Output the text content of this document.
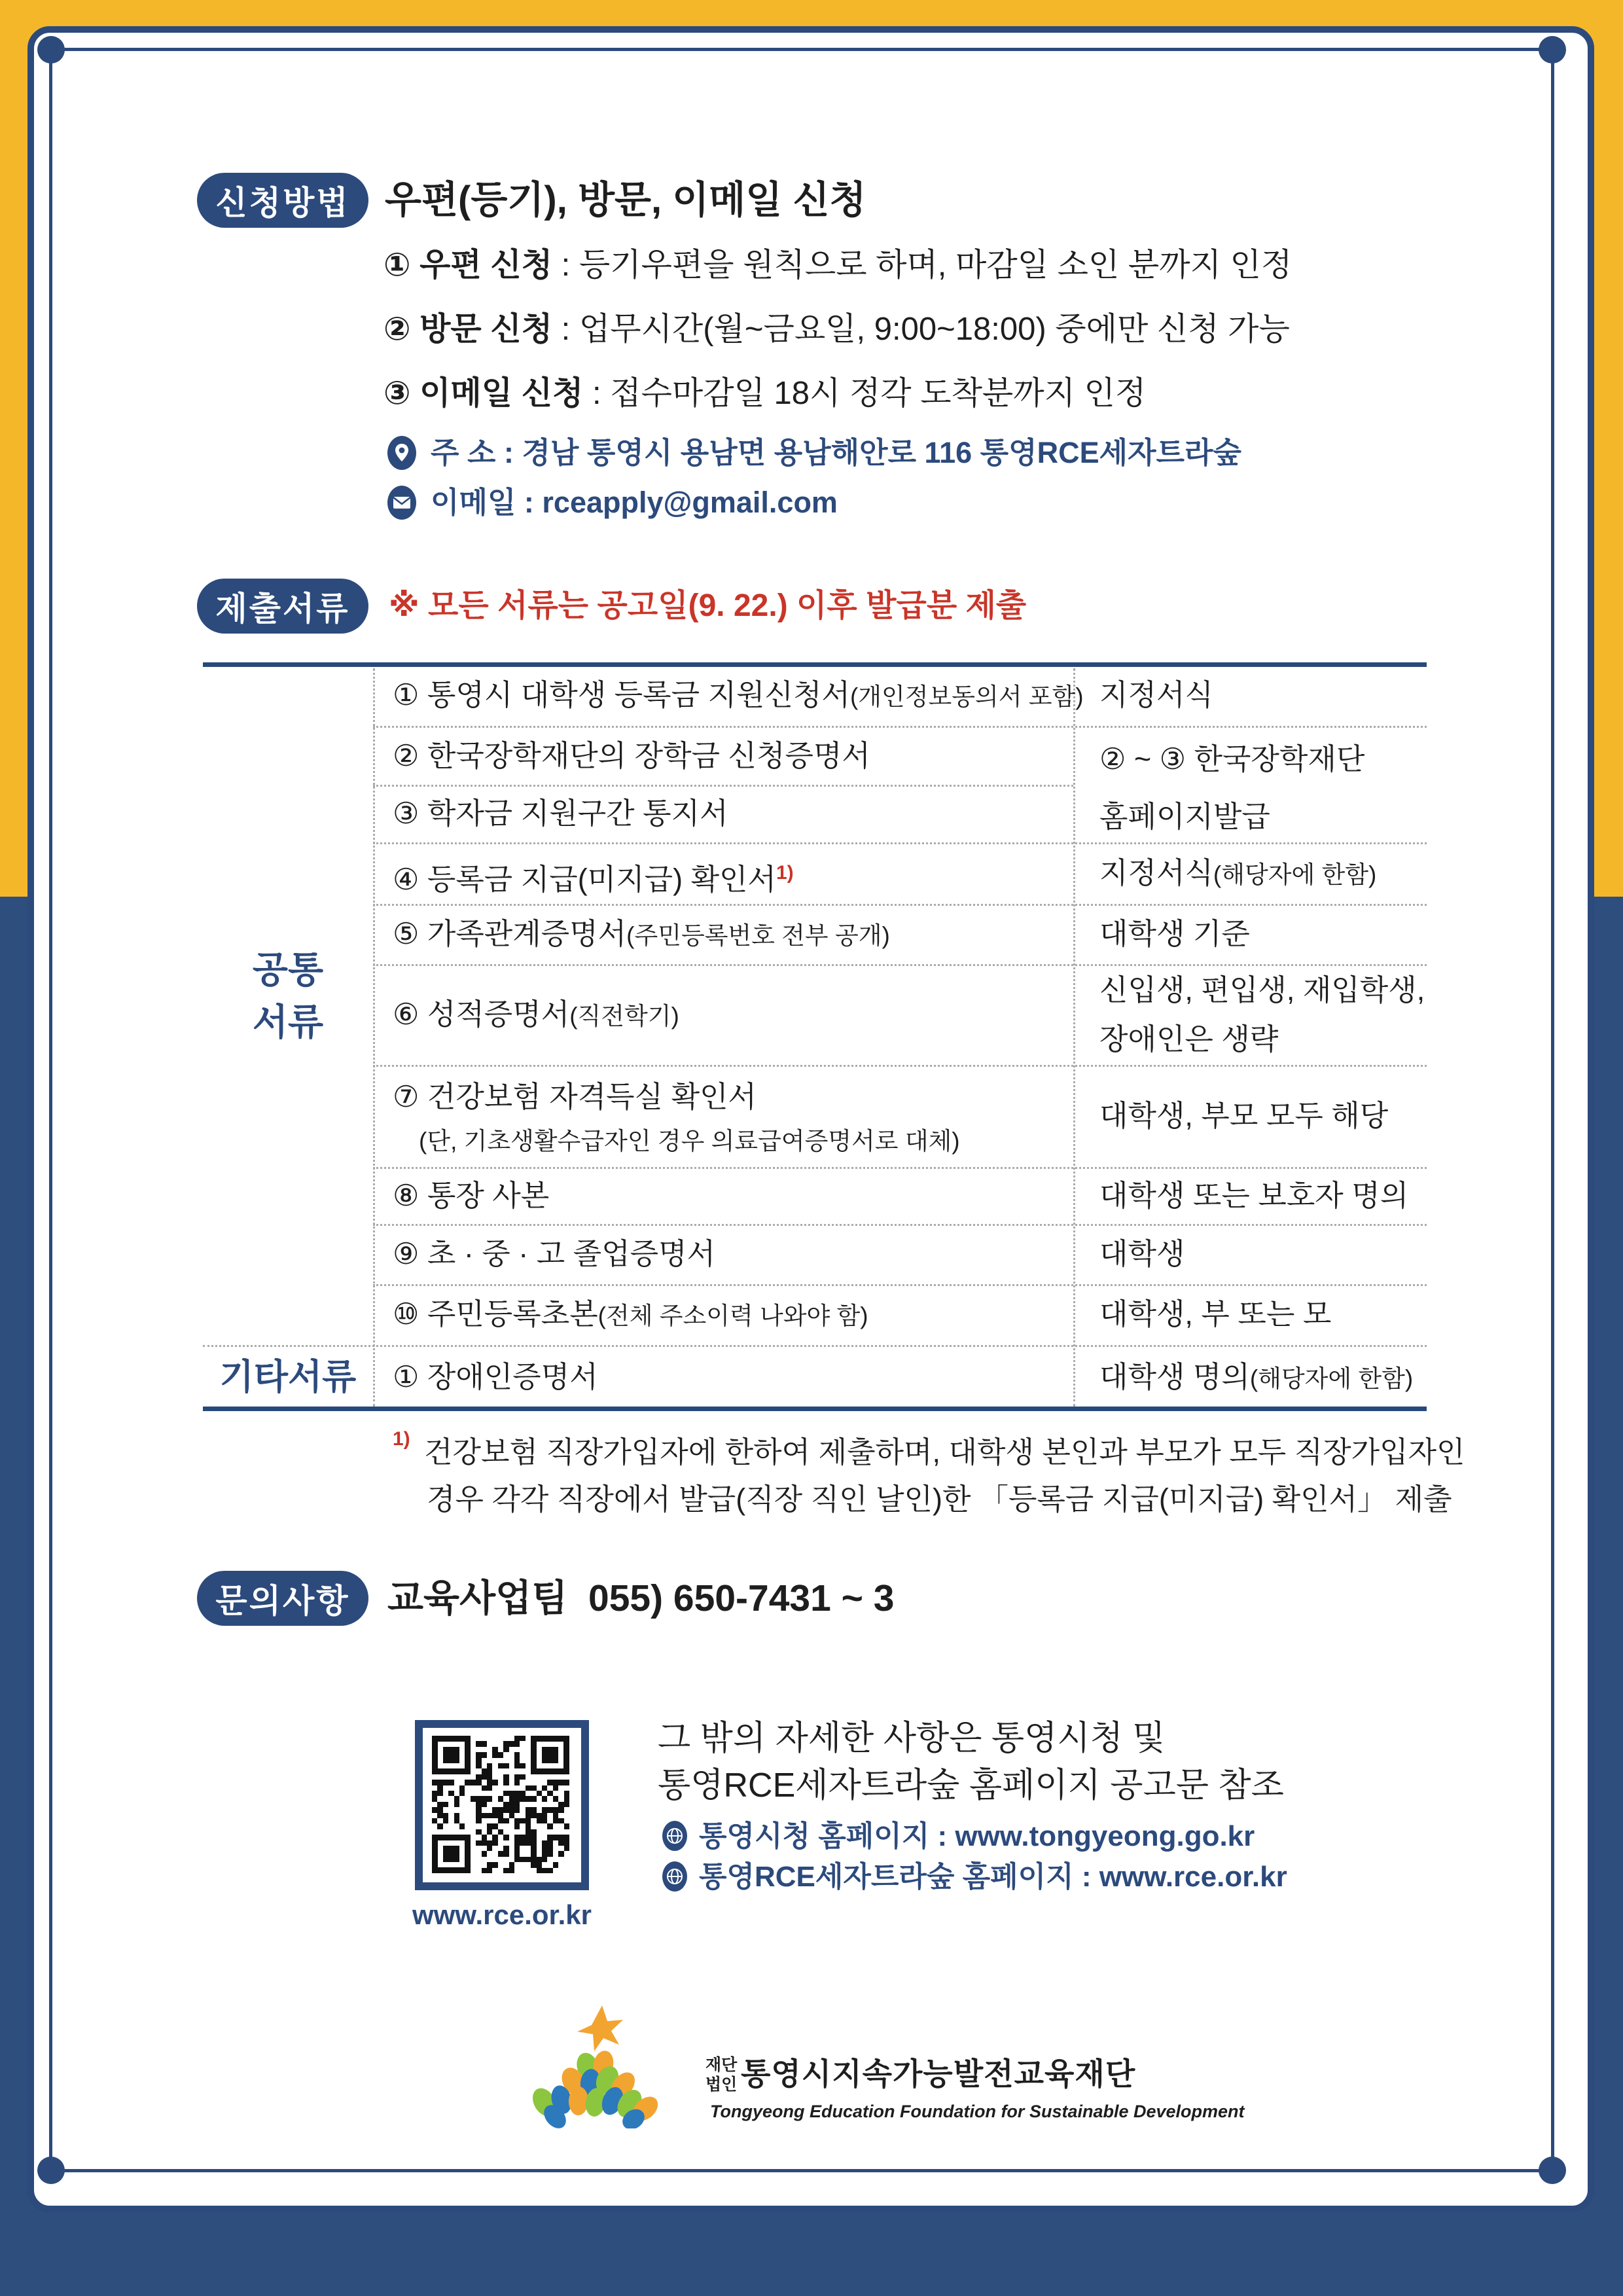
신청방법 우편(등기), 방문, 이메일 신청
① 우편 신청 : 등기우편을 원칙으로 하며, 마감일 소인 분까지 인정
② 방문 신청 : 업무시간(월~금요일, 9:00~18:00) 중에만 신청 가능
③ 이메일 신청 : 접수마감일 18시 정각 도착분까지 인정
주 소 : 경남 통영시 용남면 용남해안로 116 통영RCE세자트라숲
이메일 : rceapply@gmail.com
제출서류 ※ 모든 서류는 공고일(9. 22.) 이후 발급분 제출
공통
서류
기타서류
① 통영시 대학생 등록금 지원신청서(개인정보동의서 포함)
② 한국장학재단의 장학금 신청증명서
③ 학자금 지원구간 통지서
④ 등록금 지급(미지급) 확인서$^{1)}$
⑤ 가족관계증명서(주민등록번호 전부 공개)
⑥ 성적증명서(직전학기)
⑦ 건강보험 자격득실 확인서
(단, 기초생활수급자인 경우 의료급여증명서로 대체)
⑧ 통장 사본
⑨ 초 · 중 · 고 졸업증명서
⑩ 주민등록초본(전체 주소이력 나와야 함)
① 장애인증명서
지정서식
② ~ ③ 한국장학재단
홈페이지발급
지정서식(해당자에 한함)
대학생 기준
신입생, 편입생, 재입학생,
장애인은 생략
대학생, 부모 모두 해당
대학생 또는 보호자 명의
대학생
대학생, 부 또는 모
대학생 명의(해당자에 한함)
1) 건강보험 직장가입자에 한하여 제출하며, 대학생 본인과 부모가 모두 직장가입자인
경우 각각 직장에서 발급(직장 직인 날인)한 「등록금 지급(미지급) 확인서」 제출
문의사항 교육사업팀 055) 650-7431 ~ 3
www.rce.or.kr
그 밖의 자세한 사항은 통영시청 및
통영RCE세자트라숲 홈페이지 공고문 참조
통영시청 홈페이지 : www.tongyeong.go.kr
통영RCE세자트라숲 홈페이지 : www.rce.or.kr
재단
법인 통영시지속가능발전교육재단
Tongyeong Education Foundation for Sustainable Development
